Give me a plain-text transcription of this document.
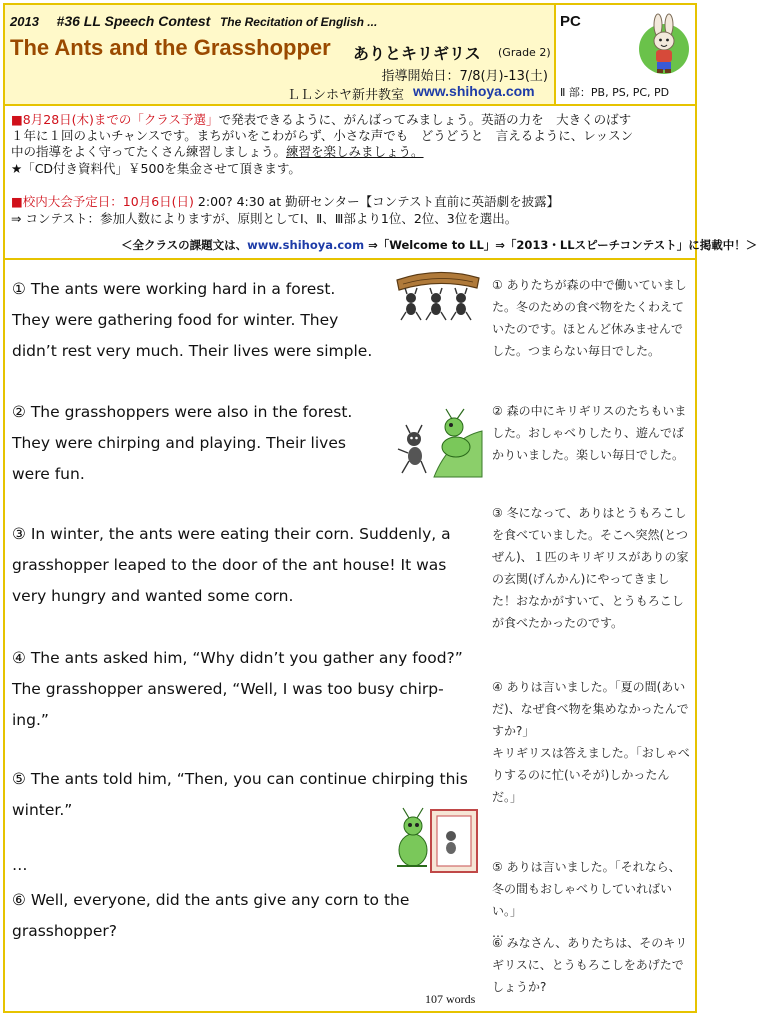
2013 #36 LL Speech Contest The Recitation of English ...
The Ants and the Grasshopper ありとキリギリス (Grade 2)
指導開始日：7/8(月)-13(土)
ＬＬシホヤ新井教室 www.shihoya.com
PC
Ⅱ 部：PB, PS, PC, PD
■8月28日(木)までの「クラス予選」で発表できるように、がんばってみましょう。英語の力を　大きくのばす
１年に１回のよいチャンスです。まちがいをこわがらず、小さな声でも　どうどうと　言えるように、レッスン
中の指導をよく守ってたくさん練習しましょう。練習を楽しみましょう。
★「CD付き資料代」￥500を集金させて頂きます。
■校内大会予定日：10月6日(日) 2:00? 4:30 at 勤研センター【コンテスト直前に英語劇を披露】
⇒ コンテスト：参加人数によりますが、原則としてⅠ、Ⅱ、Ⅲ部より1位、2位、3位を選出。
＜全クラスの課題文は、www.shihoya.com ⇒「Welcome to LL」⇒「2013・LLスピーチコンテスト」に掲載中！＞

① The ants were working hard in a forest.
They were gathering food for winter. They
didn’t rest very much. Their lives were simple.

② The grasshoppers were also in the forest.
They were chirping and playing. Their lives
were fun.

③ In winter, the ants were eating their corn. Suddenly, a
grasshopper leaped to the door of the ant house! It was
very hungry and wanted some corn.

④ The ants asked him, “Why didn’t you gather any food?”
The grasshopper answered, “Well, I was too busy chirp-
ing.”

⑤ The ants told him, “Then, you can continue chirping this
winter.”

…

⑥ Well, everyone, did the ants give any corn to the
grasshopper?

① ありたちが森の中で働いていました。冬のための食べ物をたくわえていたのです。ほとんど休みませんでした。つまらない毎日でした。

② 森の中にキリギリスのたちもいました。おしゃべりしたり、遊んでばかりいました。楽しい毎日でした。

③ 冬になって、ありはとうもろこしを食べていました。そこへ突然(とつぜん)、１匹のキリギリスがありの家の玄関(げんかん)にやってきました！おなかがすいて、とうもろこしが食べたかったのです。

④ ありは言いました。「夏の間(あいだ)、なぜ食べ物を集めなかったんですか?」
キリギリスは答えました。「おしゃべりするのに忙(いそが)しかったんだ。」

⑤ ありは言いました。「それなら、冬の間もおしゃべりしていればいい。」
…

⑥ みなさん、ありたちは、そのキリギリスに、とうもろこしをあげたでしょうか?

107 words
